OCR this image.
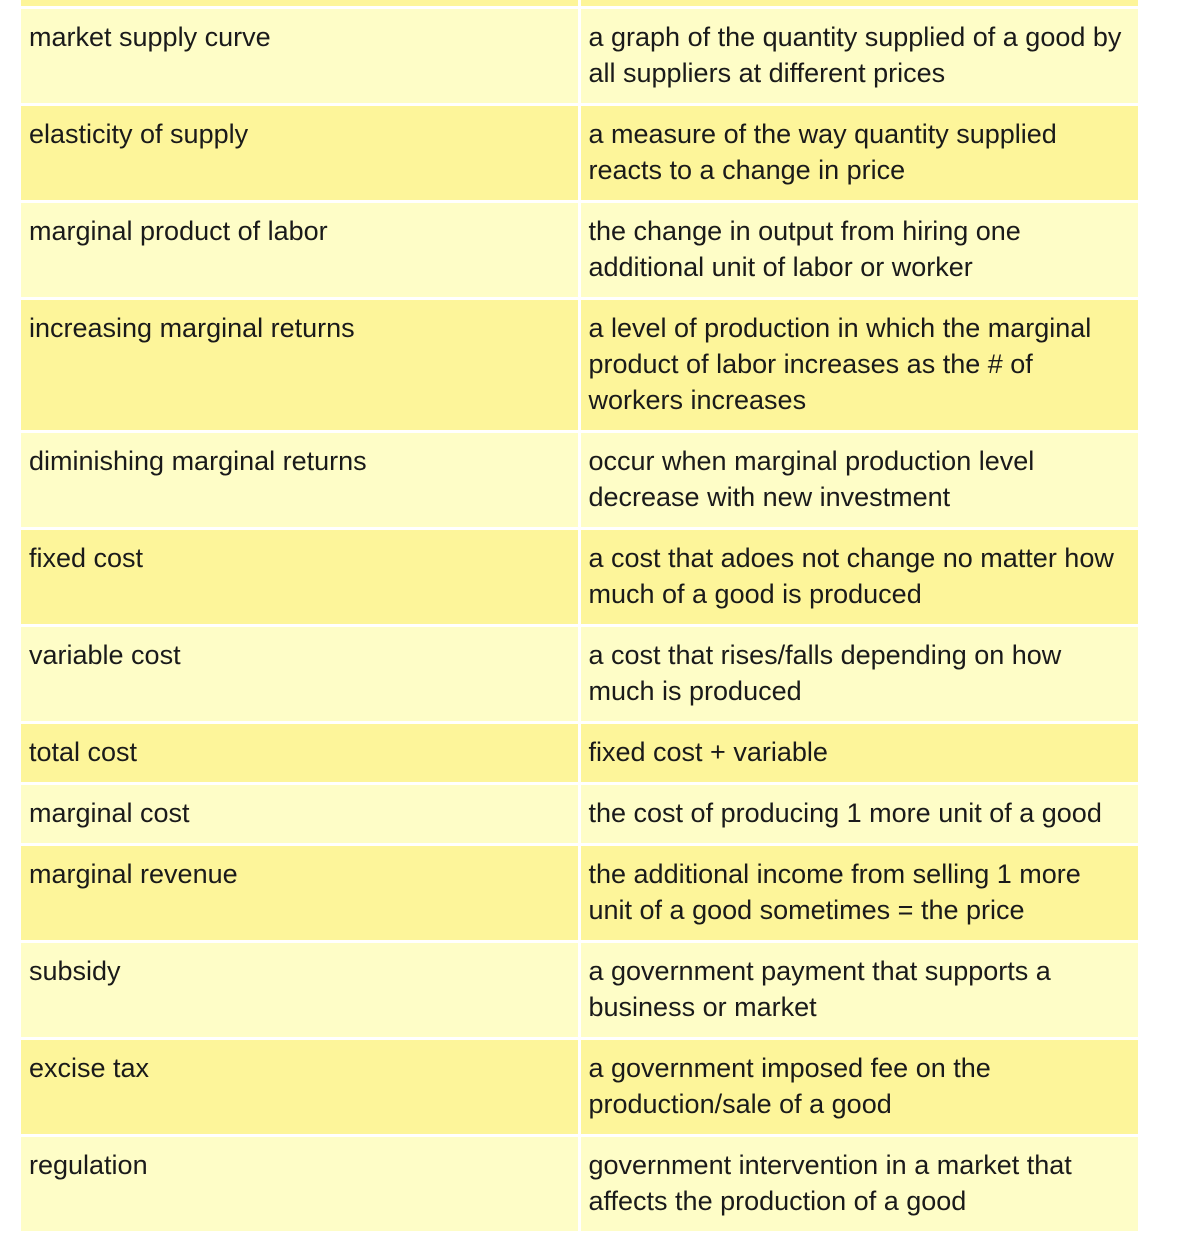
market supply curve	a graph of the quantity supplied of a good by all suppliers at different prices
elasticity of supply	a measure of the way quantity supplied reacts to a change in price
marginal product of labor	the change in output from hiring one additional unit of labor or worker
increasing marginal returns	a level of production in which the marginal product of labor increases as the # of workers increases
diminishing marginal returns	occur when marginal production level decrease with new investment
fixed cost	a cost that adoes not change no matter how much of a good is produced
variable cost	a cost that rises/falls depending on how much is produced
total cost	fixed cost + variable
marginal cost	the cost of producing 1 more unit of a good
marginal revenue	the additional income from selling 1 more unit of a good sometimes = the price
subsidy	a government payment that supports a business or market
excise tax	a government imposed fee on the production/sale of a good
regulation	government intervention in a market that affects the production of a good
